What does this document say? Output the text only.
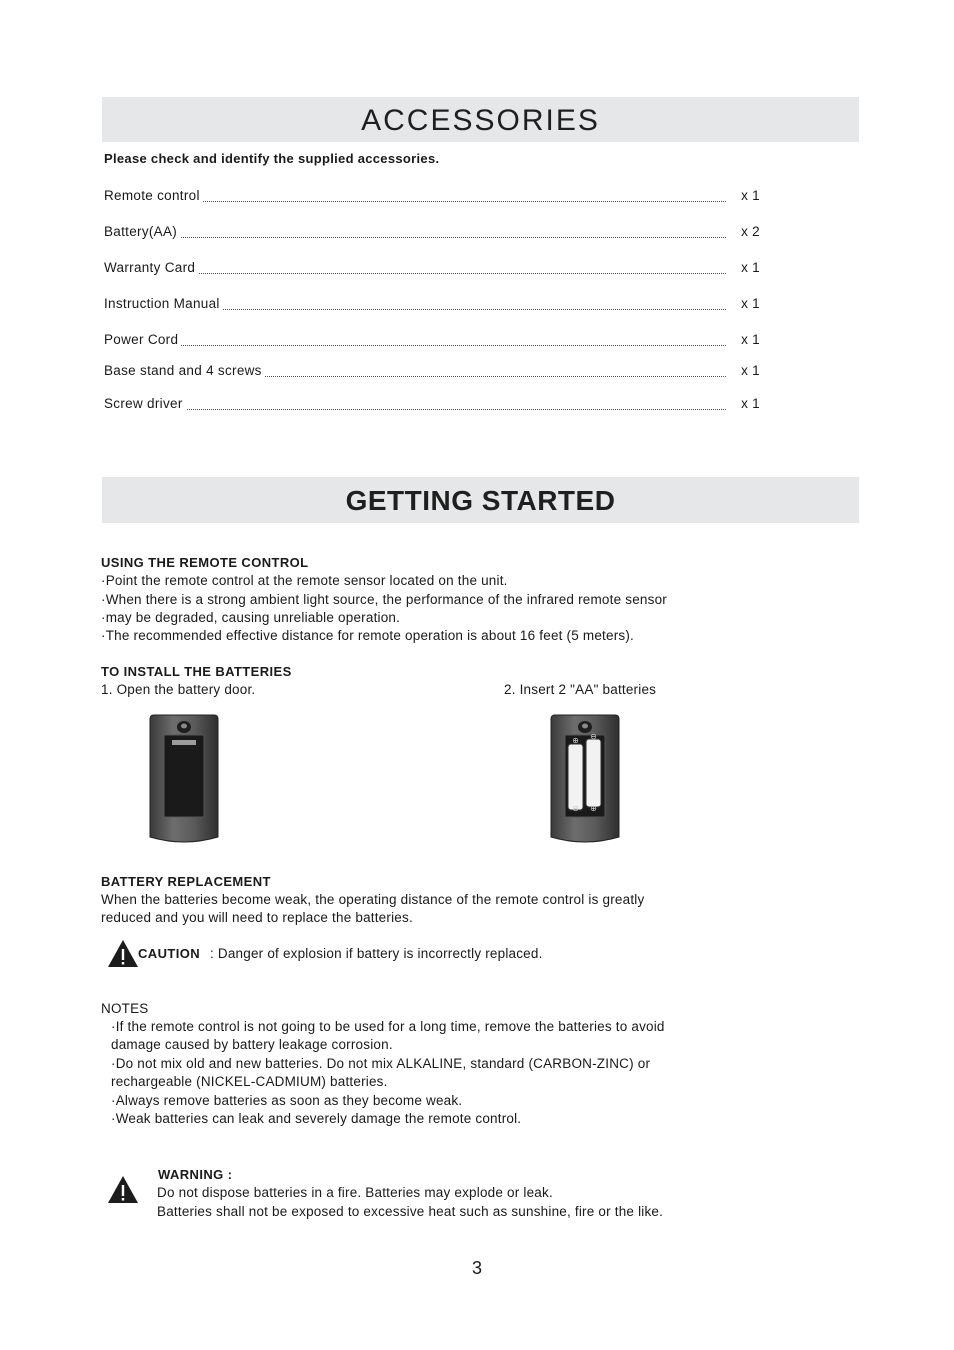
ACCESSORIES
Please check and identify the supplied accessories.
Remote control	x 1
Battery(AA)	x 2
Warranty Card	x 1
Instruction Manual	x 1
Power Cord	x 1
Base stand and 4 screws	x 1
Screw driver	x 1
GETTING STARTED
USING THE REMOTE CONTROL
·Point the remote control at the remote sensor located on the unit.
·When there is a strong ambient light source, the performance of the infrared remote sensor
·may be degraded, causing unreliable operation.
·The recommended effective distance for remote operation is about 16 feet (5 meters).
TO INSTALL THE BATTERIES
1. Open the battery door.	2. Insert 2 "AA" batteries
⊕ ⊖
⊖ ⊕
BATTERY REPLACEMENT
When the batteries become weak, the operating distance of the remote control is greatly
reduced and you will need to replace the batteries.
CAUTION : Danger of explosion if battery is incorrectly replaced.
NOTES
·If the remote control is not going to be used for a long time, remove the batteries to avoid
damage caused by battery leakage corrosion.
·Do not mix old and new batteries. Do not mix ALKALINE, standard (CARBON-ZINC) or
rechargeable (NICKEL-CADMIUM) batteries.
·Always remove batteries as soon as they become weak.
·Weak batteries can leak and severely damage the remote control.
WARNING :
Do not dispose batteries in a fire. Batteries may explode or leak.
Batteries shall not be exposed to excessive heat such as sunshine, fire or the like.
3
